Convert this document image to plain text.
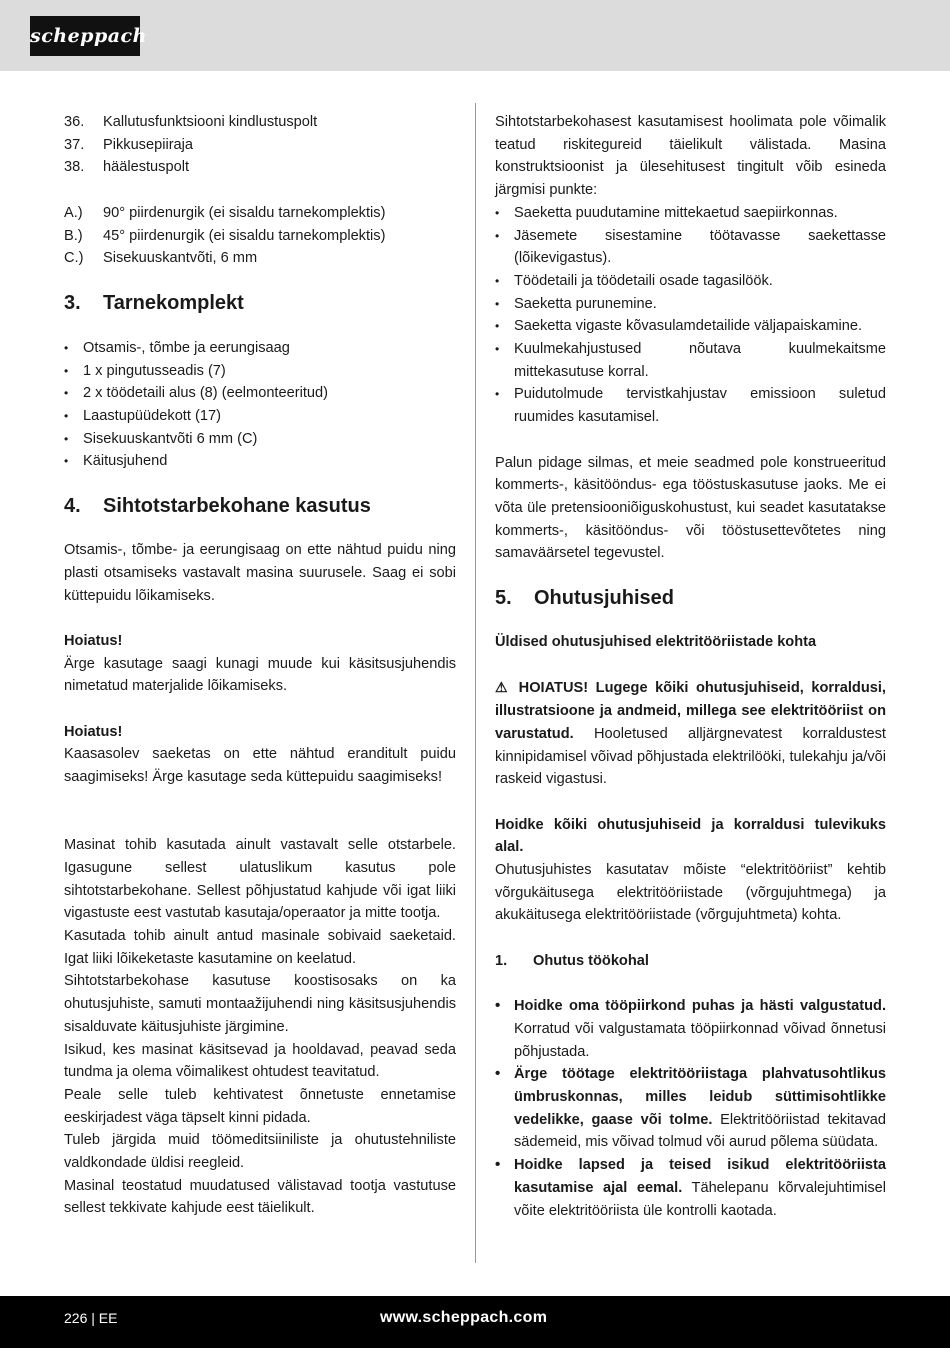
scheppach
36.	Kallutusfunktsiooni kindlustuspolt
37.	Pikkusepiiraja
38.	häälestuspolt
A.)	90° piirdenurgik (ei sisaldu tarnekomplektis)
B.)	45° piirdenurgik (ei sisaldu tarnekomplektis)
C.)	Sisekuuskantvõti, 6 mm
3.	Tarnekomplekt
• Otsamis-, tõmbe ja eerungisaag
• 1 x pingutusseadis (7)
• 2 x töödetaili alus (8) (eelmonteeritud)
• Laastupüüdekott (17)
• Sisekuuskantvõti 6 mm (C)
• Käitusjuhend
4.	Sihtotstarbekohane kasutus

Otsamis-, tõmbe- ja eerungisaag on ette nähtud puidu ning plasti otsamiseks vastavalt masina suurusele. Saag ei sobi küttepuidu lõikamiseks.

Hoiatus!

Ärge kasutage saagi kunagi muude kui käsitsusjuhendis nimetatud materjalide lõikamiseks.

Hoiatus!

Kaasasolev saeketas on ette nähtud eranditult puidu saagimiseks! Ärge kasutage seda küttepuidu saagimiseks!

Masinat tohib kasutada ainult vastavalt selle otstarbele. Igasugune sellest ulatuslikum kasutus pole sihtotstarbekohane. Sellest põhjustatud kahjude või igat liiki vigastuste eest vastutab kasutaja/operaator ja mitte tootja.

Kasutada tohib ainult antud masinale sobivaid saeketaid. Igat liiki lõikeketaste kasutamine on keelatud.

Sihtotstarbekohase kasutuse koostisosaks on ka ohutusjuhiste, samuti montaažijuhendi ning käsitsusjuhendis sisalduvate käitusjuhiste järgimine.

Isikud, kes masinat käsitsevad ja hooldavad, peavad seda tundma ja olema võimalikest ohtudest teavitatud.

Peale selle tuleb kehtivatest õnnetuste ennetamise eeskirjadest väga täpselt kinni pidada.

Tuleb järgida muid töömeditsiiniliste ja ohutustehniliste valdkondade üldisi reegleid.

Masinal teostatud muudatused välistavad tootja vastutuse sellest tekkivate kahjude eest täielikult.

Sihtotstarbekohasest kasutamisest hoolimata pole võimalik teatud riskitegureid täielikult välistada. Masina konstruktsioonist ja ülesehitusest tingitult võib esineda järgmisi punkte:

• Saeketta puudutamine mittekaetud saepiirkonnas.
• Jäsemete sisestamine töötavasse saekettasse (lõikevigastus).
• Töödetaili ja töödetaili osade tagasilöök.
• Saeketta purunemine.
• Saeketta vigaste kõvasulamdetailide väljapaiskamine.
• Kuulmekahjustused nõutava kuulmekaitsme mittekasutuse korral.
• Puidutolmude tervistkahjustav emissioon suletud ruumides kasutamisel.

Palun pidage silmas, et meie seadmed pole konstrueeritud kommerts-, käsitööndus- ega tööstuskasutuse jaoks. Me ei võta üle pretensiooniõiguskohustust, kui seadet kasutatakse kommerts-, käsitööndus- või tööstusettevõtetes ning samaväärsetel tegevustel.

5.	Ohutusjuhised

Üldised ohutusjuhised elektritööriistade kohta

⚠ HOIATUS! Lugege kõiki ohutusjuhiseid, korraldusi, illustratsioone ja andmeid, millega see elektritööriist on varustatud. Hooletused alljärgnevatest korraldustest kinnipidamisel võivad põhjustada elektrilööki, tulekahju ja/või raskeid vigastusi.

Hoidke kõiki ohutusjuhiseid ja korraldusi tulevikuks alal.

Ohutusjuhistes kasutatav mõiste “elektritööriist” kehtib võrgukäitusega elektritööriistade (võrgujuhtmega) ja akukäitusega elektritööriistade (võrgujuhtmeta) kohta.

1.	Ohutus töökohal
• Hoidke oma tööpiirkond puhas ja hästi valgustatud. Korratud või valgustamata tööpiirkonnad võivad õnnetusi põhjustada.
• Ärge töötage elektritööriistaga plahvatusohtlikus ümbruskonnas, milles leidub süttimisohtlikke vedelikke, gaase või tolme. Elektritööriistad tekitavad sädemeid, mis võivad tolmud või aurud põlema süüdata.
• Hoidke lapsed ja teised isikud elektritööriista kasutamise ajal eemal. Tähelepanu kõrvalejuhtimisel võite elektritööriista üle kontrolli kaotada.
226 | EE	www.scheppach.com
